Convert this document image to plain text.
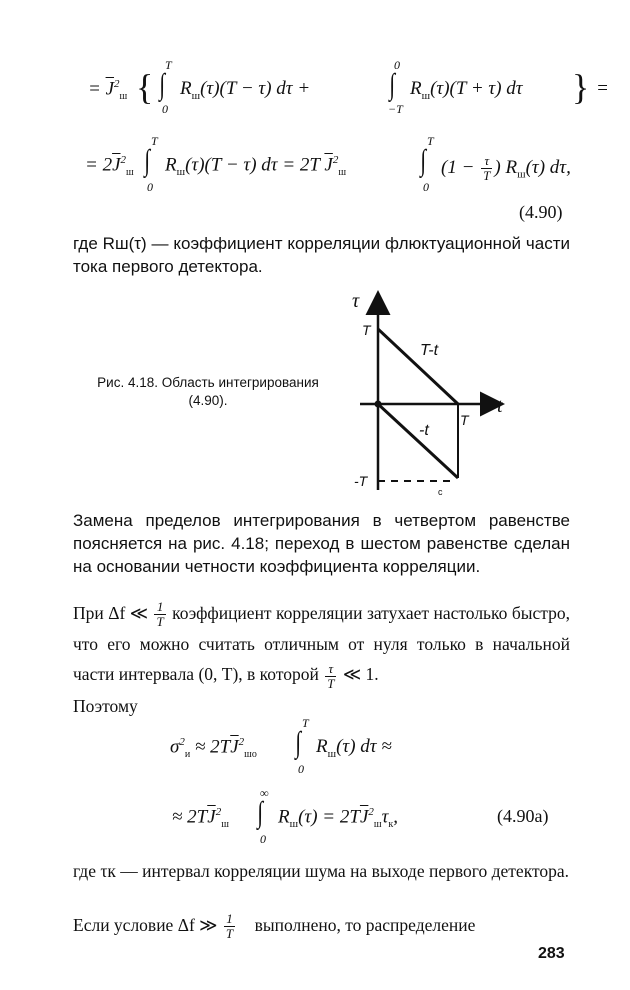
= $\overline{J}^2_ш$ { ∫
T
0
$R_ш(\tau)(T - \tau) d\tau$ +	∫
0
−T
$R_ш(\tau)(T + \tau)$ dτ } =
= $2\overline{J}^2_ш$ ∫
T
0
$R_ш(\tau)(T - \tau) d\tau = 2T$ $\overline{J}^2_ш$ ∫
T
0
($1 - \frac{\tau}{T}$ ) $R_ш(\tau)$ dτ,
(4.90)
где Rш(τ) — коэффициент корреляции флюктуационной части тока первого детектора.
Рис. 4.18. Область интегрирования (4.90).
τ
t
T
T
-T
T-t
-t
c
Замена пределов интегрирования в четвертом равенстве поясняется на рис. 4.18; переход в шестом равенстве сделан на основании четности коэффициента корреляции.
При Δf ≪ $\frac{1}{T}$ коэффициент корреляции затухает настолько быстро, что его можно считать отличным от нуля только в начальной части интервала (0, T), в которой $\frac{\tau}{T}$ ≪ 1.
Поэтому
$\sigma^2_и \approx 2T\overline{J}^2_{шо}$ ∫
T
0
$R_ш(\tau) d\tau$ ≈
≈ $2T\overline{J}^2_ш$ ∫
∞
0
$R_ш(\tau) = 2T\overline{J}^2_ш\tau_к$,	(4.90а)
где τк — интервал корреляции шума на выходе первого детектора.
Если условие Δf ≫ $\frac{1}{T}$ выполнено, то распределение
283
